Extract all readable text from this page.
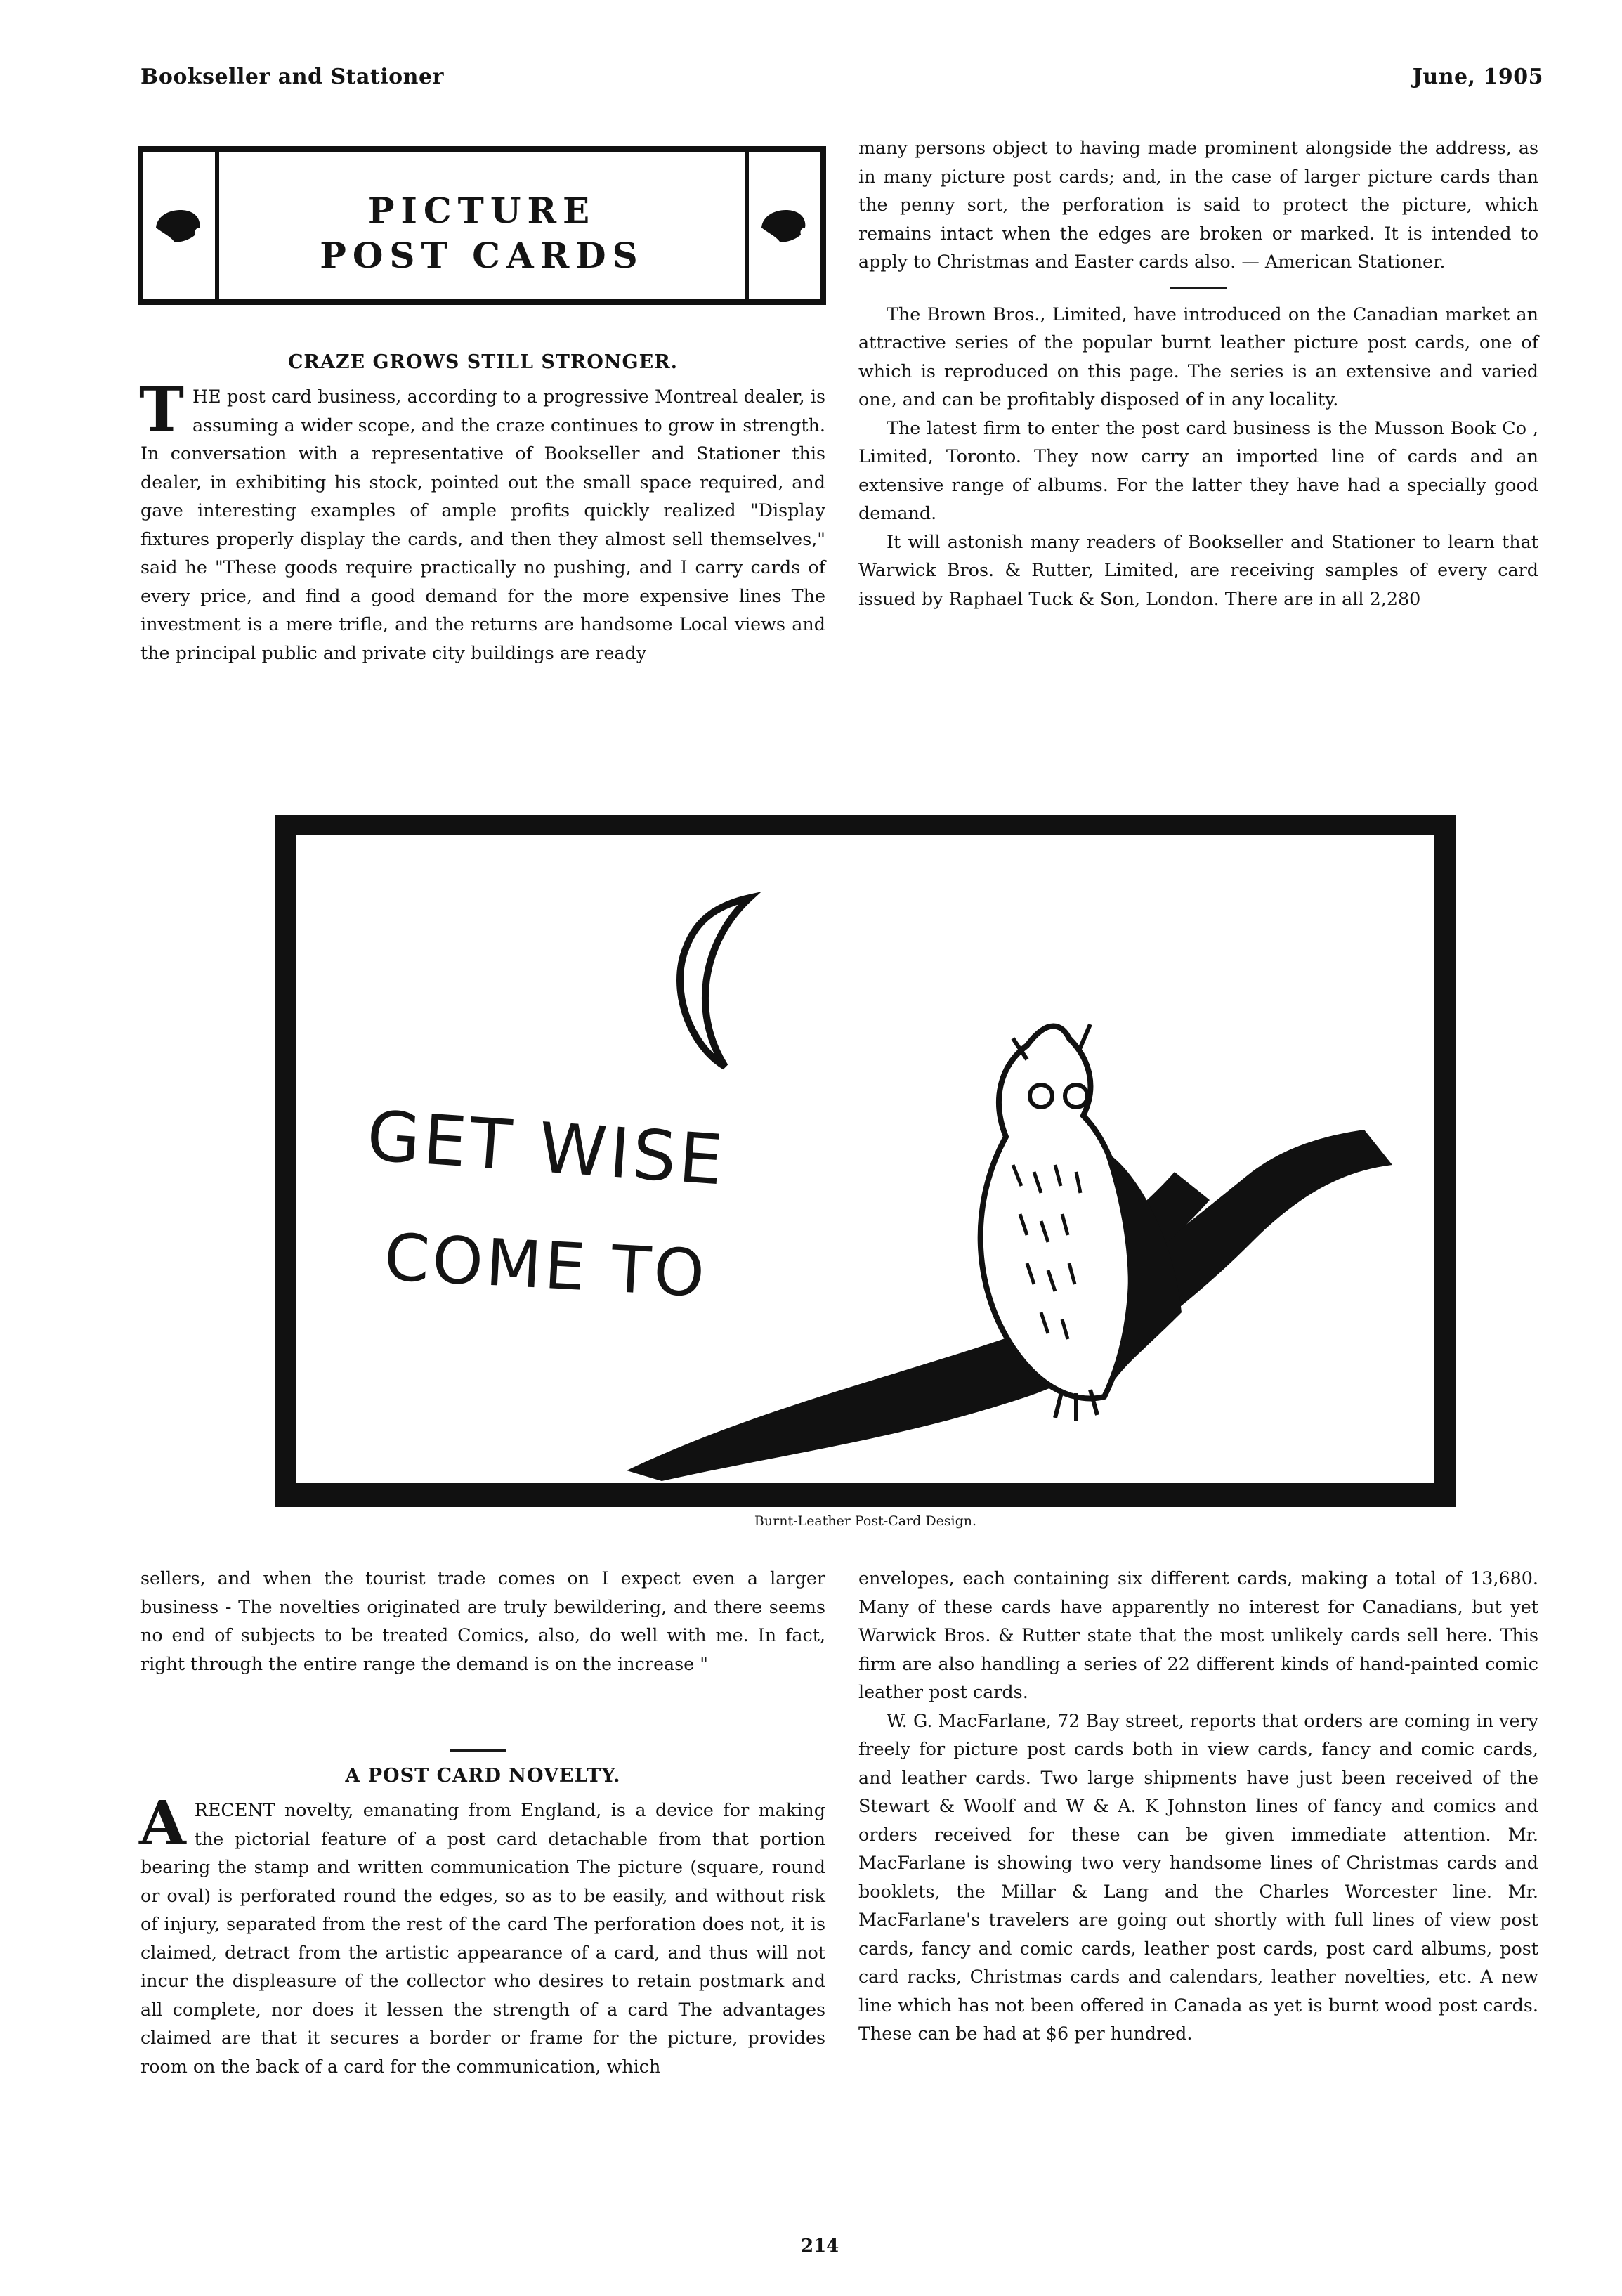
Bookseller and Stationer	June, 1905
PICTURE
POST CARDS
CRAZE GROWS STILL STRONGER.

THE post card business, according to a progressive Montreal dealer, is assuming a wider scope, and the craze continues to grow in strength. In conversation with a representative of Bookseller and Stationer this dealer, in exhibiting his stock, pointed out the small space required, and gave interesting examples of ample profits quickly realized "Display fixtures properly display the cards, and then they almost sell themselves," said he "These goods require practically no pushing, and I carry cards of every price, and find a good demand for the more expensive lines The investment is a mere trifle, and the returns are handsome Local views and the principal public and private city buildings are ready

many persons object to having made prominent alongside the address, as in many picture post cards; and, in the case of larger picture cards than the penny sort, the perforation is said to protect the picture, which remains intact when the edges are broken or marked. It is intended to apply to Christmas and Easter cards also. — American Stationer.

The Brown Bros., Limited, have introduced on the Canadian market an attractive series of the popular burnt leather picture post cards, one of which is reproduced on this page. The series is an extensive and varied one, and can be profitably disposed of in any locality.

The latest firm to enter the post card business is the Musson Book Co , Limited, Toronto. They now carry an imported line of cards and an extensive range of albums. For the latter they have had a specially good demand.

It will astonish many readers of Bookseller and Stationer to learn that Warwick Bros. & Rutter, Limited, are receiving samples of every card issued by Raphael Tuck & Son, London. There are in all 2,280

GET WISE
COME TO
Burnt-Leather Post-Card Design.

sellers, and when the tourist trade comes on I expect even a larger business - The novelties originated are truly bewildering, and there seems no end of subjects to be treated Comics, also, do well with me. In fact, right through the entire range the demand is on the increase "

A POST CARD NOVELTY.

ARECENT novelty, emanating from England, is a device for making the pictorial feature of a post card detachable from that portion bearing the stamp and written communication The picture (square, round or oval) is perforated round the edges, so as to be easily, and without risk of injury, separated from the rest of the card The perforation does not, it is claimed, detract from the artistic appearance of a card, and thus will not incur the displeasure of the collector who desires to retain postmark and all complete, nor does it lessen the strength of a card The advantages claimed are that it secures a border or frame for the picture, provides room on the back of a card for the communication, which

envelopes, each containing six different cards, making a total of 13,680. Many of these cards have apparently no interest for Canadians, but yet Warwick Bros. & Rutter state that the most unlikely cards sell here. This firm are also handling a series of 22 different kinds of hand-painted comic leather post cards.

W. G. MacFarlane, 72 Bay street, reports that orders are coming in very freely for picture post cards both in view cards, fancy and comic cards, and leather cards. Two large shipments have just been received of the Stewart & Woolf and W & A. K Johnston lines of fancy and comics and orders received for these can be given immediate attention. Mr. MacFarlane is showing two very handsome lines of Christmas cards and booklets, the Millar & Lang and the Charles Worcester line. Mr. MacFarlane's travelers are going out shortly with full lines of view post cards, fancy and comic cards, leather post cards, post card albums, post card racks, Christmas cards and calendars, leather novelties, etc. A new line which has not been offered in Canada as yet is burnt wood post cards. These can be had at $6 per hundred.

214
